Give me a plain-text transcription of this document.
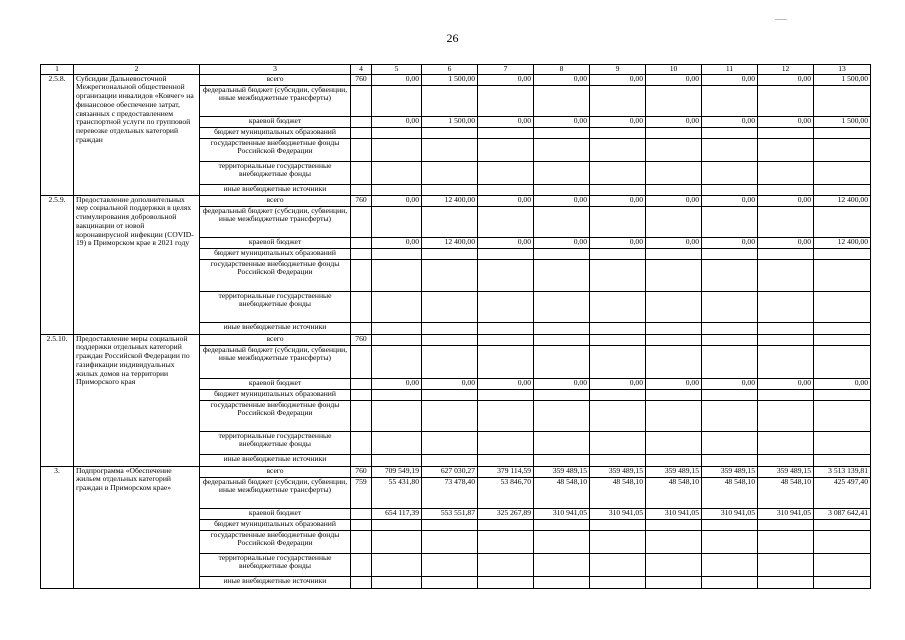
26
1	2	3	4	5	6	7	8	9	10	11	12	13
2.5.8.	Субсидии Дальневосточной Межрегиональной общественной организации инвалидов «Ковчег» на финансовое обеспечение затрат, связанных с предоставлением транспортной услуги по групповой перевозке отдельных категорий граждан	всего	760	0,00	1 500,00	0,00	0,00	0,00	0,00	0,00	0,00	1 500,00
		федеральный бюджет (субсидии, субвенции, иные межбюджетные трансферты)										
		краевой бюджет		0,00	1 500,00	0,00	0,00	0,00	0,00	0,00	0,00	1 500,00
		бюджет муниципальных образований										
		государственные внебюджетные фонды Российской Федерации										
		территориальные государственные внебюджетные фонды										
		иные внебюджетные источники										
2.5.9.	Предоставление дополнительных мер социальной поддержки в целях стимулирования добровольной вакцинации от новой коронавирусной инфекции (COVID-19) в Приморском крае в 2021 году	всего	760	0,00	12 400,00	0,00	0,00	0,00	0,00	0,00	0,00	12 400,00
		федеральный бюджет (субсидии, субвенции, иные межбюджетные трансферты)										
		краевой бюджет		0,00	12 400,00	0,00	0,00	0,00	0,00	0,00	0,00	12 400,00
		бюджет муниципальных образований										
		государственные внебюджетные фонды Российской Федерации										
		территориальные государственные внебюджетные фонды										
		иные внебюджетные источники										
2.5.10.	Предоставление меры социальной поддержки отдельных категорий граждан Российской Федерации по газификации индивидуальных жилых домов на территории Приморского края	всего	760									
		федеральный бюджет (субсидии, субвенции, иные межбюджетные трансферты)										
		краевой бюджет		0,00	0,00	0,00	0,00	0,00	0,00	0,00	0,00	0,00
		бюджет муниципальных образований										
		государственные внебюджетные фонды Российской Федерации										
		территориальные государственные внебюджетные фонды										
		иные внебюджетные источники										
3.	Подпрограмма «Обеспечение жильем отдельных категорий граждан в Приморском крае»	всего	760	709 549,19	627 030,27	379 114,59	359 489,15	359 489,15	359 489,15	359 489,15	359 489,15	3 513 139,81
		федеральный бюджет (субсидии, субвенции, иные межбюджетные трансферты)	759	55 431,80	73 478,40	53 846,70	48 548,10	48 548,10	48 548,10	48 548,10	48 548,10	425 497,40
		краевой бюджет		654 117,39	553 551,87	325 267,89	310 941,05	310 941,05	310 941,05	310 941,05	310 941,05	3 087 642,41
		бюджет муниципальных образований										
		государственные внебюджетные фонды Российской Федерации										
		территориальные государственные внебюджетные фонды										
		иные внебюджетные источники										
